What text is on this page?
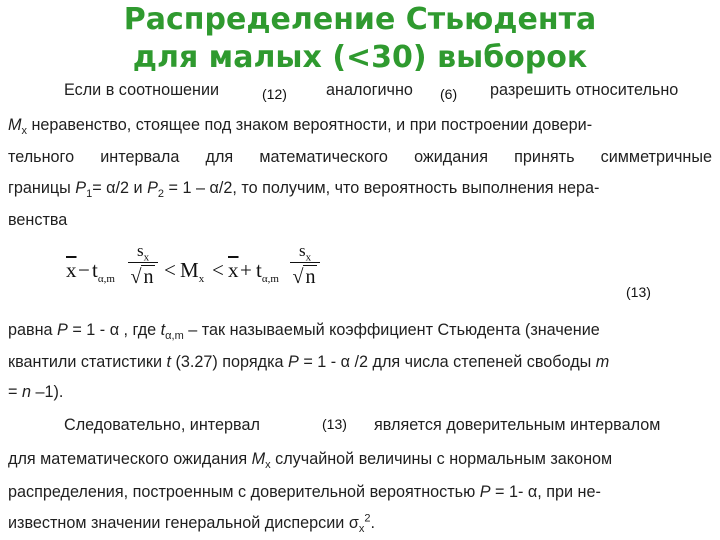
Распределение Стьюдента
для малых (<30) выборок
Если в соотношении	аналогично	разрешить относительно
(12)	(6)
$M_x$ неравенство, стоящее под знаком вероятности, и при построении довери-
тельного интервала для математического ожидания принять симметричные
границы $P_1= \alpha/2$ и $P_2 = 1 - \alpha/2$, то получим, что вероятность выполнения нера-
венства
$\overline{x} - t_{\alpha,m}$
$s_x$
√ $n < M_x < \overline{x} + t_{\alpha,m}$
$s_x$
√ n
(13)
равна P = 1 - α , где $t_{\alpha,m}$ – так называемый коэффициент Стьюдента (значение
квантили статистики t (3.27) порядка P = 1 - α /2 для числа степеней свободы m
= n –1).
Следовательно, интервал	является доверительным интервалом
(13)
для математического ожидания $M_x$ случайной величины с нормальным законом
распределения, построенным с доверительной вероятностью P = 1- α, при не-
известном значении генеральной дисперсии $\sigma_x^2$.
